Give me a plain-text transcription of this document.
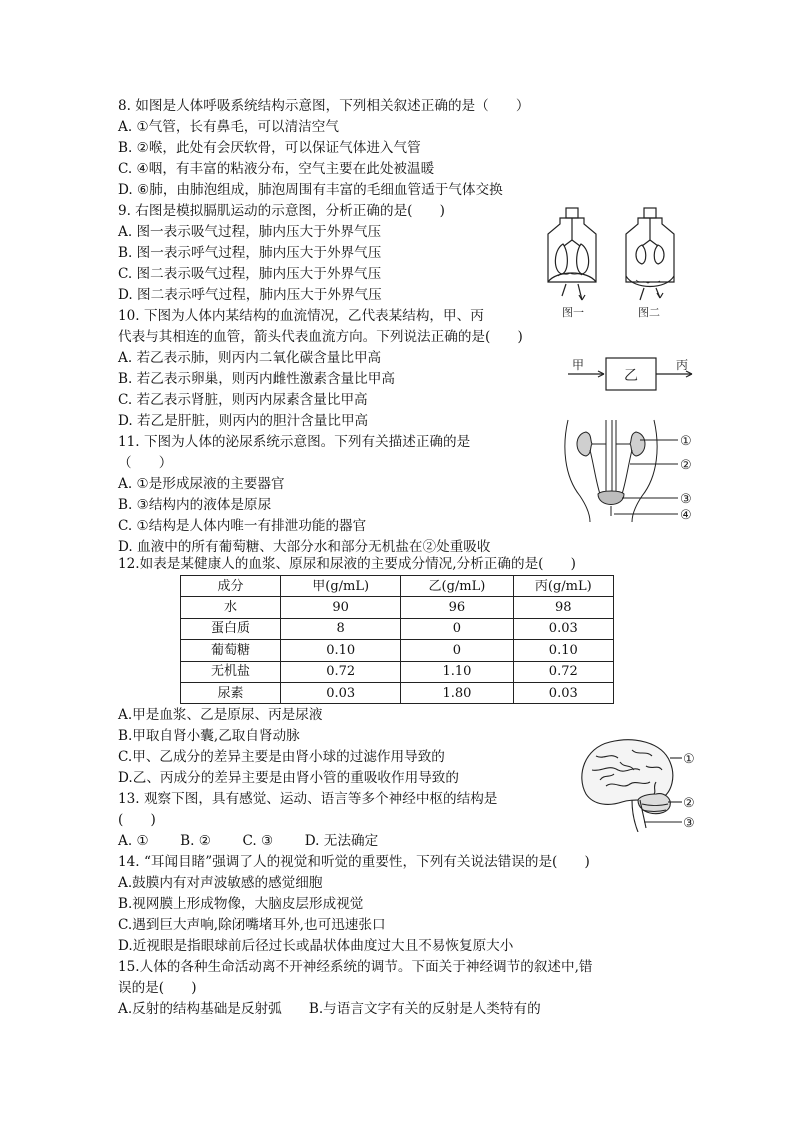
8. 如图是人体呼吸系统结构示意图，下列相关叙述正确的是（　　）
A. ①气管，长有鼻毛，可以清洁空气
B. ②喉，此处有会厌软骨，可以保证气体进入气管
C. ④咽，有丰富的粘液分布，空气主要在此处被温暖
D. ⑥肺，由肺泡组成，肺泡周围有丰富的毛细血管适于气体交换
9. 右图是模拟膈肌运动的示意图，分析正确的是(　　)
A. 图一表示吸气过程，肺内压大于外界气压
B. 图一表示呼气过程，肺内压大于外界气压
C. 图二表示吸气过程，肺内压大于外界气压
D. 图二表示呼气过程，肺内压大于外界气压
图一	图二
10. 下图为人体内某结构的血流情况，乙代表某结构，甲、丙
代表与其相连的血管，箭头代表血流方向。下列说法正确的是(　　)
A. 若乙表示肺，则丙内二氧化碳含量比甲高
B. 若乙表示卵巢，则丙内雌性激素含量比甲高
C. 若乙表示肾脏，则丙内尿素含量比甲高
D. 若乙是肝脏，则丙内的胆汁含量比甲高
甲
乙
丙
11. 下图为人体的泌尿系统示意图。下列有关描述正确的是
（　　）
A. ①是形成尿液的主要器官
B. ③结构内的液体是原尿
C. ①结构是人体内唯一有排泄功能的器官
D. 血液中的所有葡萄糖、大部分水和部分无机盐在②处重吸收
①
②
③
④
12.如表是某健康人的血浆、原尿和尿液的主要成分情况,分析正确的是(　　)
成分	甲(g/mL)	乙(g/mL)	丙(g/mL)
水	90	96	98
蛋白质	8	0	0.03
葡萄糖	0.10	0	0.10
无机盐	0.72	1.10	0.72
尿素	0.03	1.80	0.03
A.甲是血浆、乙是原尿、丙是尿液
B.甲取自肾小囊,乙取自肾动脉
C.甲、乙成分的差异主要是由肾小球的过滤作用导致的
D.乙、丙成分的差异主要是由肾小管的重吸收作用导致的
①
②
③
13. 观察下图，具有感觉、运动、语言等多个神经中枢的结构是
(　　)
A. ①　　 B. ②　　 C. ③　　 D. 无法确定
14. “耳闻目睹”强调了人的视觉和听觉的重要性，下列有关说法错误的是(　　)
A.鼓膜内有对声波敏感的感觉细胞
B.视网膜上形成物像，大脑皮层形成视觉
C.遇到巨大声响,除闭嘴堵耳外,也可迅速张口
D.近视眼是指眼球前后径过长或晶状体曲度过大且不易恢复原大小
15.人体的各种生命活动离不开神经系统的调节。下面关于神经调节的叙述中,错
误的是(　　)
A.反射的结构基础是反射弧　　B.与语言文字有关的反射是人类特有的
